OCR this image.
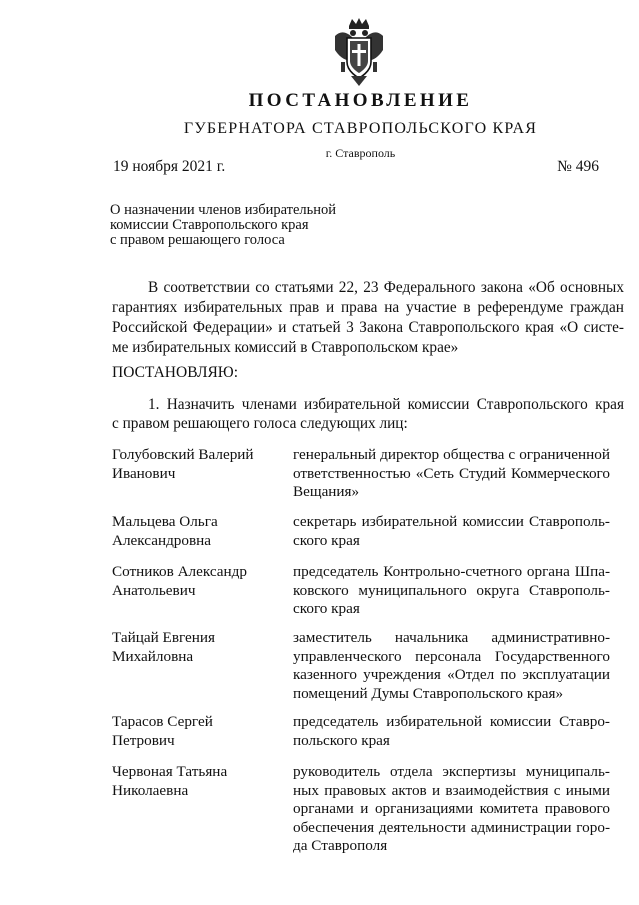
ПОСТАНОВЛЕНИЕ
ГУБЕРНАТОРА СТАВРОПОЛЬСКОГО КРАЯ
г. Ставрополь
19 ноября 2021 г.	№ 496
О назначении членов избирательной
комиссии Ставропольского края
с правом решающего голоса
В соответствии со статьями 22, 23 Федерального закона «Об основных
гарантиях избирательных прав и права на участие в референдуме граждан
Российской Федерации» и статьей 3 Закона Ставропольского края «О систе-
ме избирательных комиссий в Ставропольском крае»
ПОСТАНОВЛЯЮ:
1. Назначить членами избирательной комиссии Ставропольского края
с правом решающего голоса следующих лиц:
Голубовский Валерий
Иванович
генеральный директор общества с ограниченной
ответственностью «Сеть Студий Коммерческого
Вещания»
Мальцева Ольга
Александровна
секретарь избирательной комиссии Ставрополь-
ского края
Сотников Александр
Анатольевич
председатель Контрольно-счетного органа Шпа-
ковского муниципального округа Ставрополь-
ского края
Тайцай Евгения
Михайловна
заместитель начальника административно-
управленческого персонала Государственного
казенного учреждения «Отдел по эксплуатации
помещений Думы Ставропольского края»
Тарасов Сергей
Петрович
председатель избирательной комиссии Ставро-
польского края
Червоная Татьяна
Николаевна
руководитель отдела экспертизы муниципаль-
ных правовых актов и взаимодействия с иными
органами и организациями комитета правового
обеспечения деятельности администрации горо-
да Ставрополя
